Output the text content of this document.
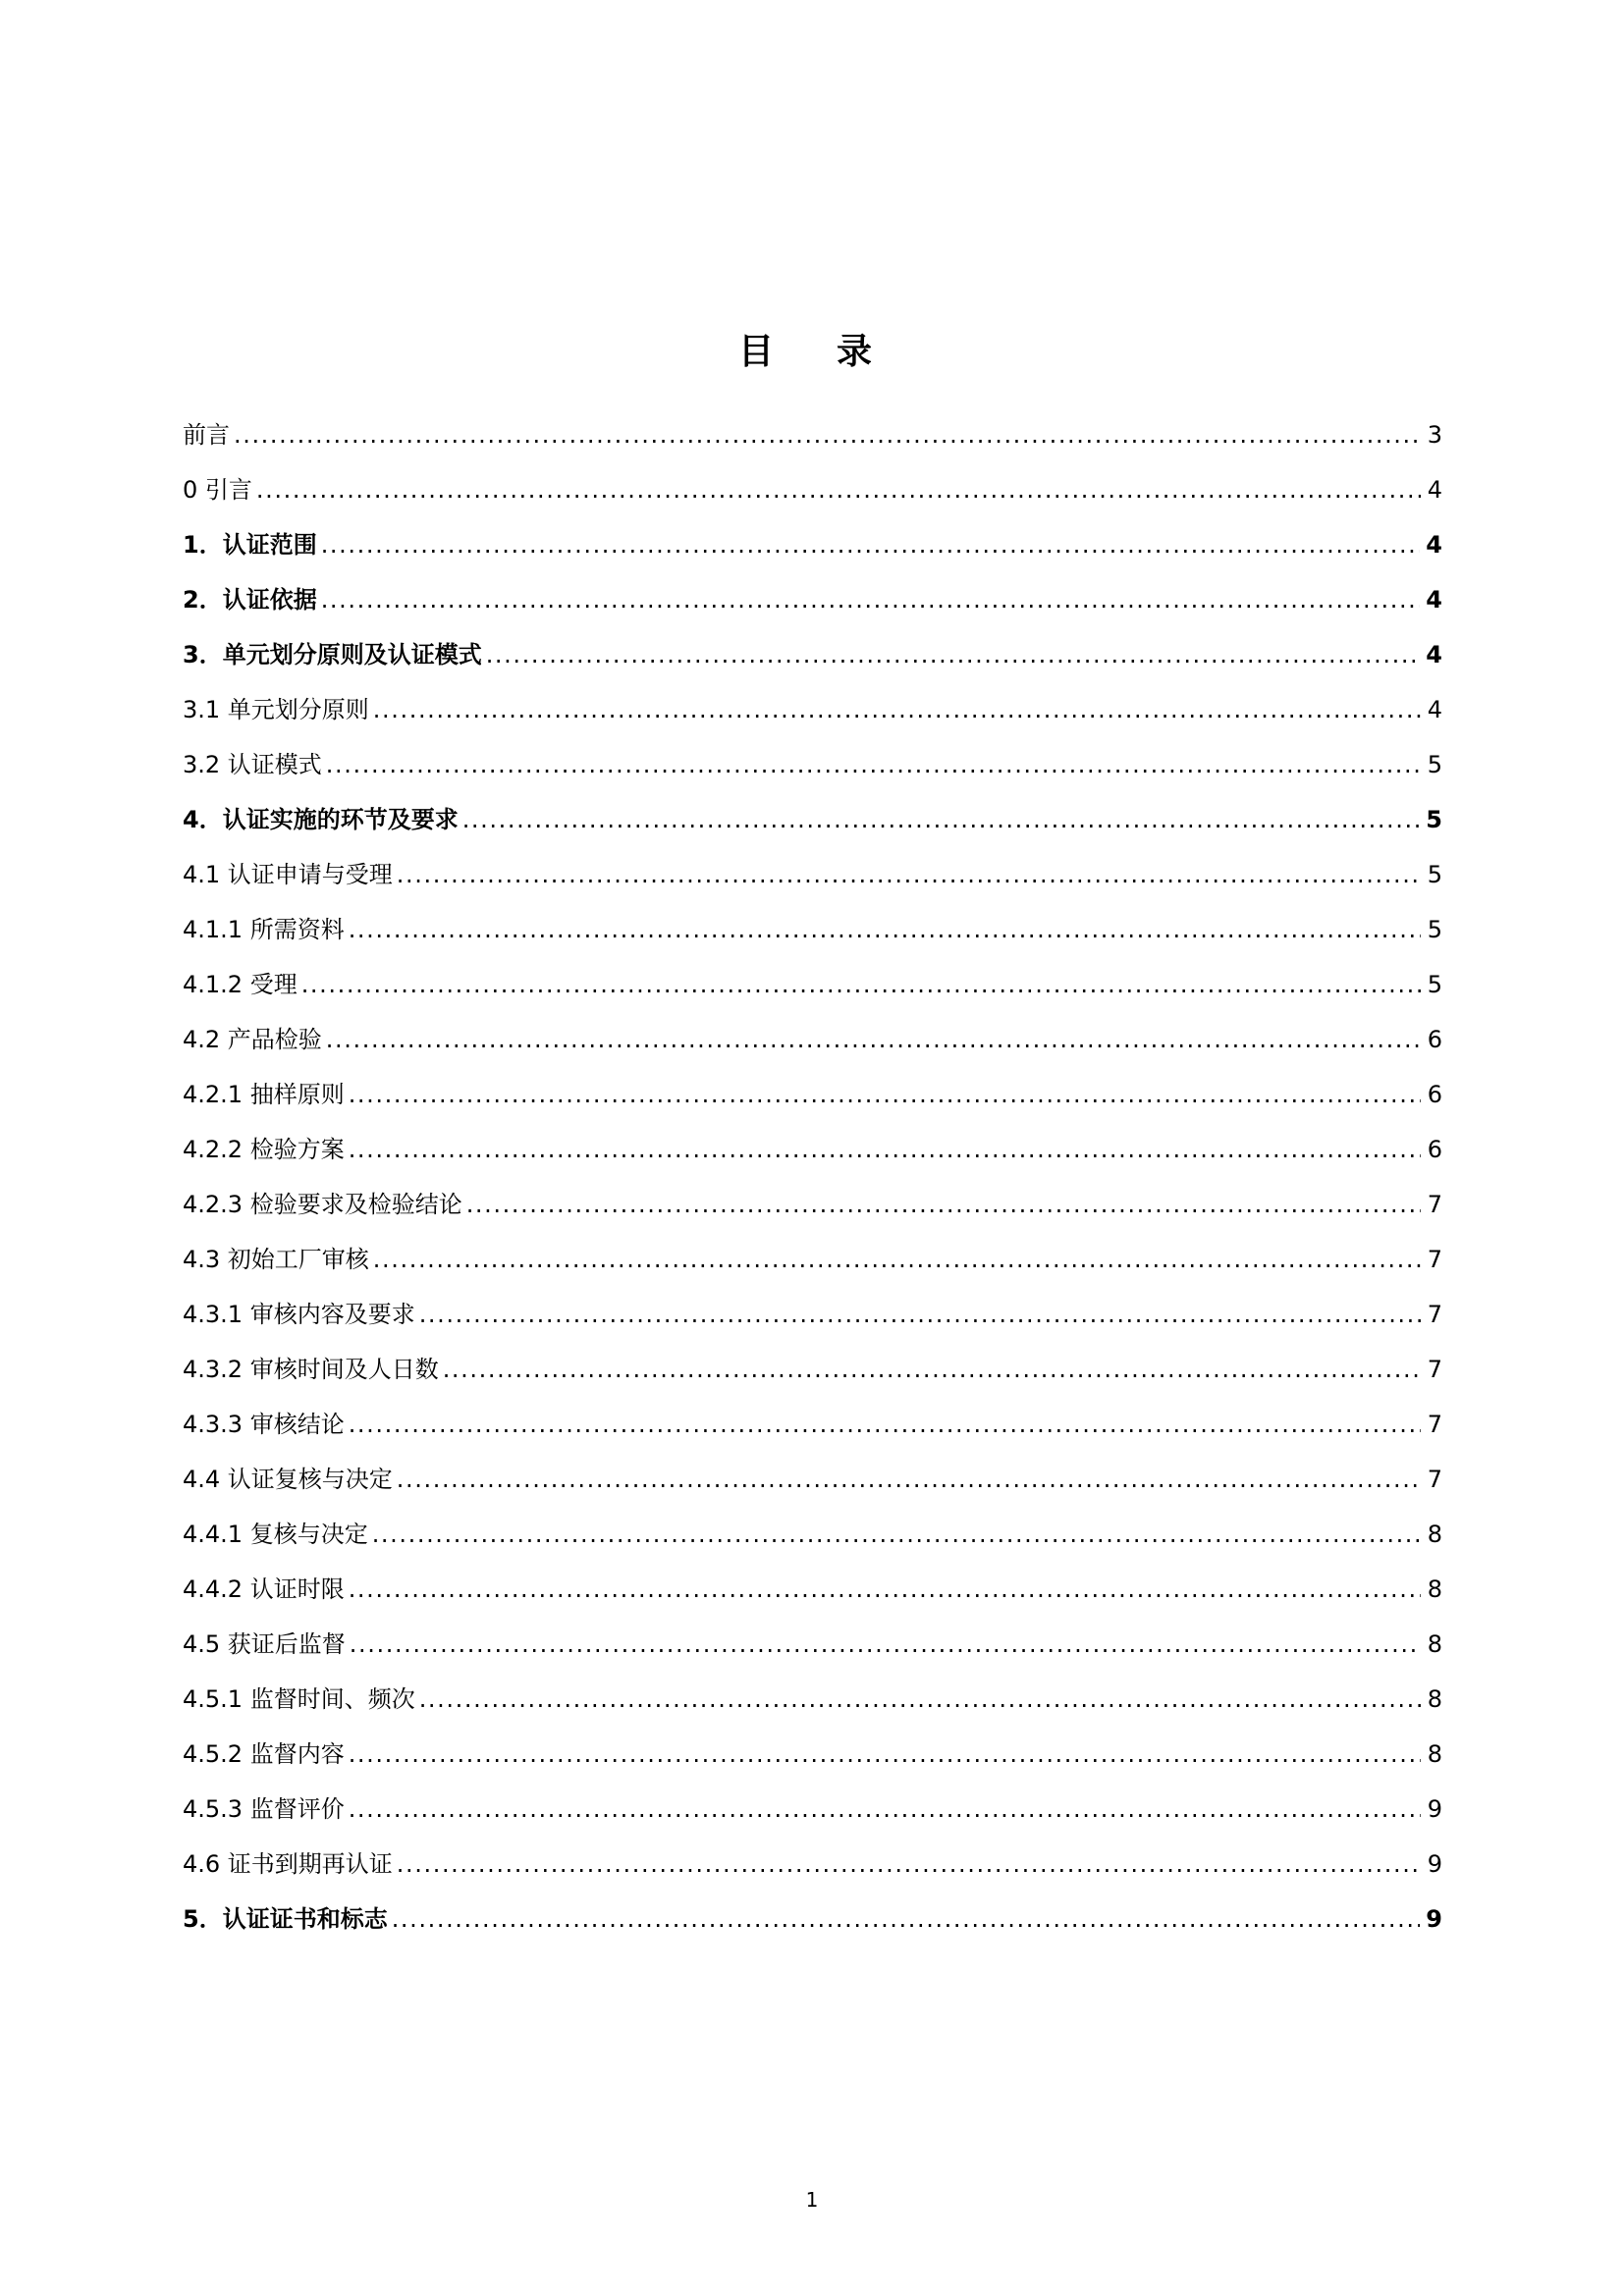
目　录
前言 .....	3
0 引言 .....	4
1．认证范围 .....	4
2．认证依据 .....	4
3．单元划分原则及认证模式 .....	4
3.1 单元划分原则 .....	4
3.2 认证模式 .....	5
4．认证实施的环节及要求 .....	5
4.1 认证申请与受理 .....	5
4.1.1 所需资料 .....	5
4.1.2 受理 .....	5
4.2 产品检验 .....	6
4.2.1 抽样原则 .....	6
4.2.2 检验方案 .....	6
4.2.3 检验要求及检验结论 .....	7
4.3 初始工厂审核 .....	7
4.3.1 审核内容及要求 .....	7
4.3.2 审核时间及人日数 .....	7
4.3.3 审核结论 .....	7
4.4 认证复核与决定 .....	7
4.4.1 复核与决定 .....	8
4.4.2 认证时限 .....	8
4.5 获证后监督 .....	8
4.5.1 监督时间、频次 .....	8
4.5.2 监督内容 .....	8
4.5.3 监督评价 .....	9
4.6 证书到期再认证 .....	9
5．认证证书和标志 .....	9
1
